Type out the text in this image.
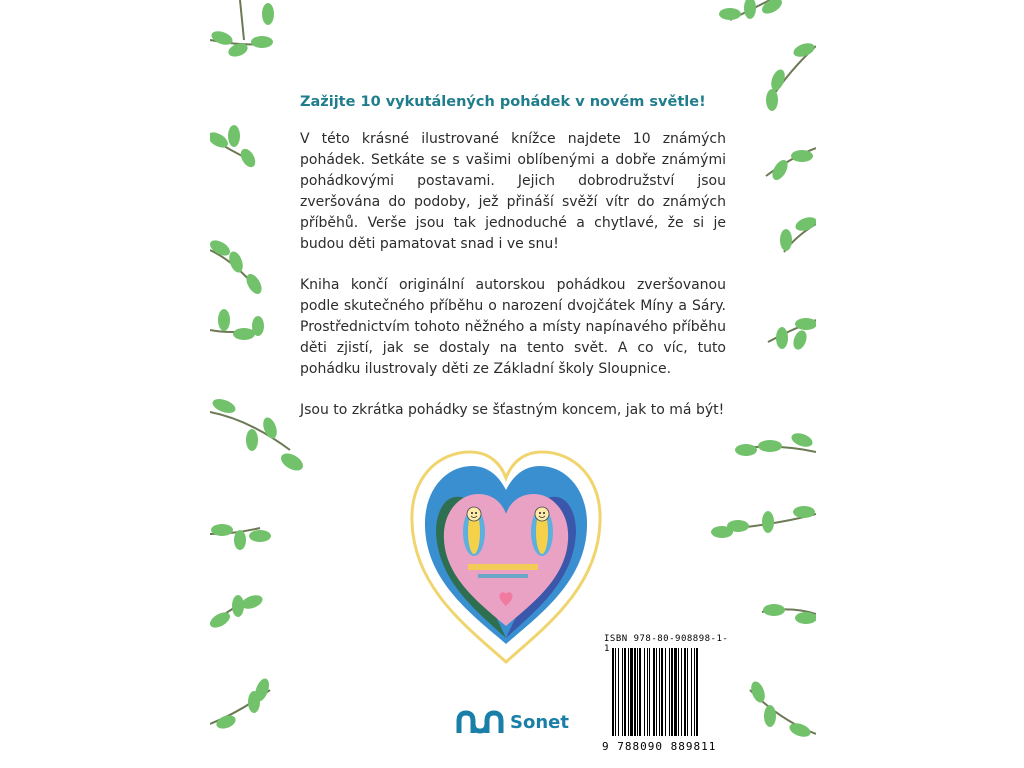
Zažijte 10 vykutálených pohádek v novém světle!

V této krásné ilustrované knížce najdete 10 známých pohádek. Setkáte se s vašimi oblíbenými a dobře známými pohádkovými postavami. Jejich dobrodružství jsou zveršována do podoby, jež přináší svěží vítr do známých příběhů. Verše jsou tak jednoduché a chytlavé, že si je budou děti pamatovat snad i ve snu!

Kniha končí originální autorskou pohádkou zveršovanou podle skutečného příběhu o narození dvojčátek Míny a Sáry. Prostřednictvím tohoto něžného a místy napínavého příběhu děti zjistí, jak se dostaly na tento svět. A co víc, tuto pohádku ilustrovaly děti ze Základní školy Sloupnice.

Jsou to zkrátka pohádky se šťastným koncem, jak to má být!

Sonet
ISBN 978-80-908898-1-1
9 788090 889811
